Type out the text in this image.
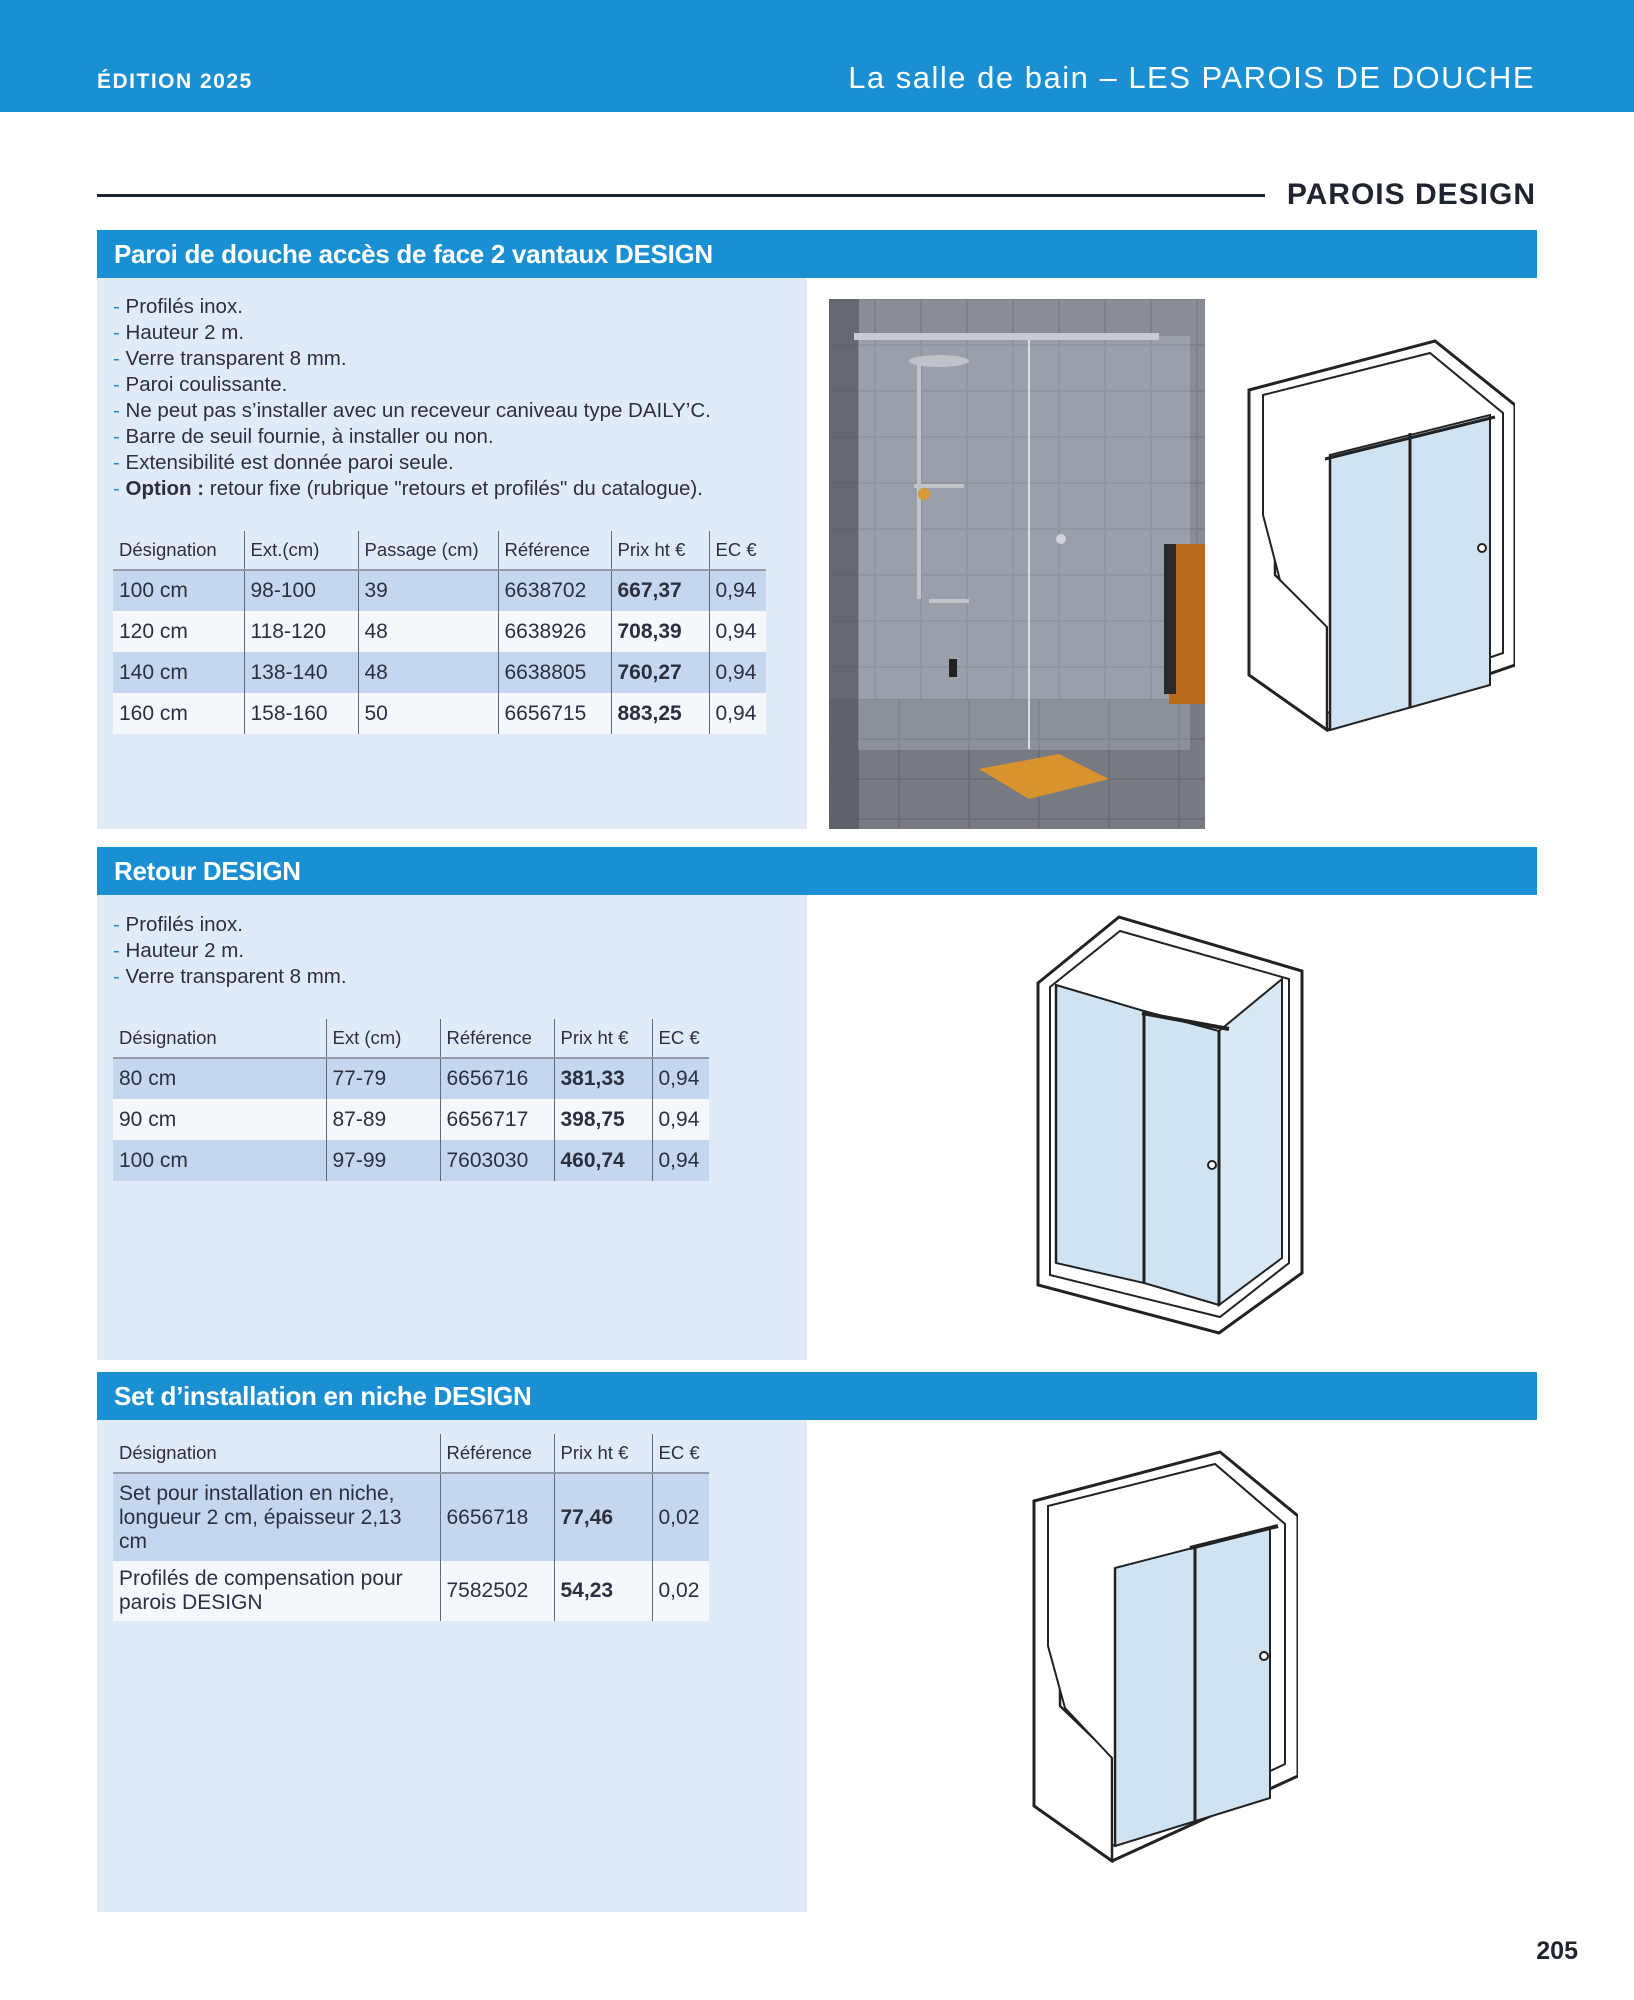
ÉDITION 2025	La salle de bain – LES PAROIS DE DOUCHE
PAROIS DESIGN
Paroi de douche accès de face 2 vantaux DESIGN
- Profilés inox.
- Hauteur 2 m.
- Verre transparent 8 mm.
- Paroi coulissante.
- Ne peut pas s’installer avec un receveur caniveau type DAILY’C.
- Barre de seuil fournie, à installer ou non.
- Extensibilité est donnée paroi seule.
- Option : retour fixe (rubrique "retours et profilés" du catalogue).
Désignation	Ext.(cm)	Passage (cm)	Référence	Prix ht €	EC €
100 cm	98-100	39	6638702	667,37	0,94
120 cm	118-120	48	6638926	708,39	0,94
140 cm	138-140	48	6638805	760,27	0,94
160 cm	158-160	50	6656715	883,25	0,94
Retour DESIGN
- Profilés inox.
- Hauteur 2 m.
- Verre transparent 8 mm.
Désignation	Ext (cm)	Référence	Prix ht €	EC €
80 cm	77-79	6656716	381,33	0,94
90 cm	87-89	6656717	398,75	0,94
100 cm	97-99	7603030	460,74	0,94
Set d’installation en niche DESIGN
Désignation	Référence	Prix ht €	EC €
Set pour installation en niche, longueur 2 cm, épaisseur 2,13 cm	6656718	77,46	0,02
Profilés de compensation pour parois DESIGN	7582502	54,23	0,02
205
